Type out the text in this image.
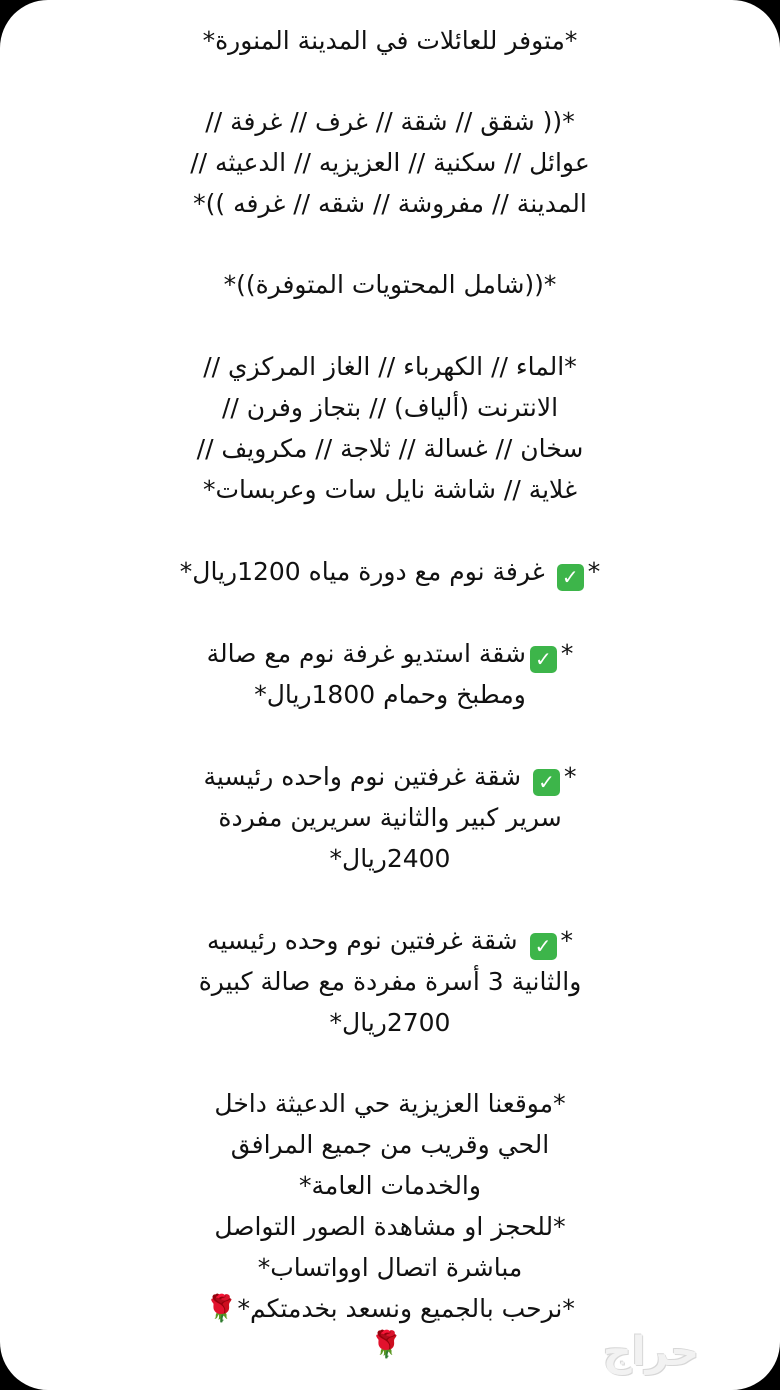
*متوفر للعائلات في المدينة المنورة*
*(( شقق // شقة // غرف // غرفة //
عوائل // سكنية // العزيزيه // الدعيثه //
المدينة // مفروشة // شقه // غرفه ))*
*((شامل المحتويات المتوفرة))*
*الماء // الكهرباء // الغاز المركزي //
الانترنت (ألياف) // بتجاز وفرن //
سخان // غسالة // ثلاجة // مكرويف //
غلاية // شاشة نايل سات وعربسات*
*✓ غرفة نوم مع دورة مياه 1200ريال*
*✓شقة استديو غرفة نوم مع صالة
ومطبخ وحمام 1800ريال*
*✓ شقة غرفتين نوم واحده رئيسية
سرير كبير والثانية سريرين مفردة
2400ريال*
*✓ شقة غرفتين نوم وحده رئيسيه
والثانية 3 أسرة مفردة مع صالة كبيرة
2700ريال*
*موقعنا العزيزية حي الدعيثة داخل
الحي وقريب من جميع المرافق
والخدمات العامة*
*للحجز او مشاهدة الصور التواصل
مباشرة اتصال اوواتساب*
*نرحب بالجميع ونسعد بخدمتكم*🌹
🌹	حراج
